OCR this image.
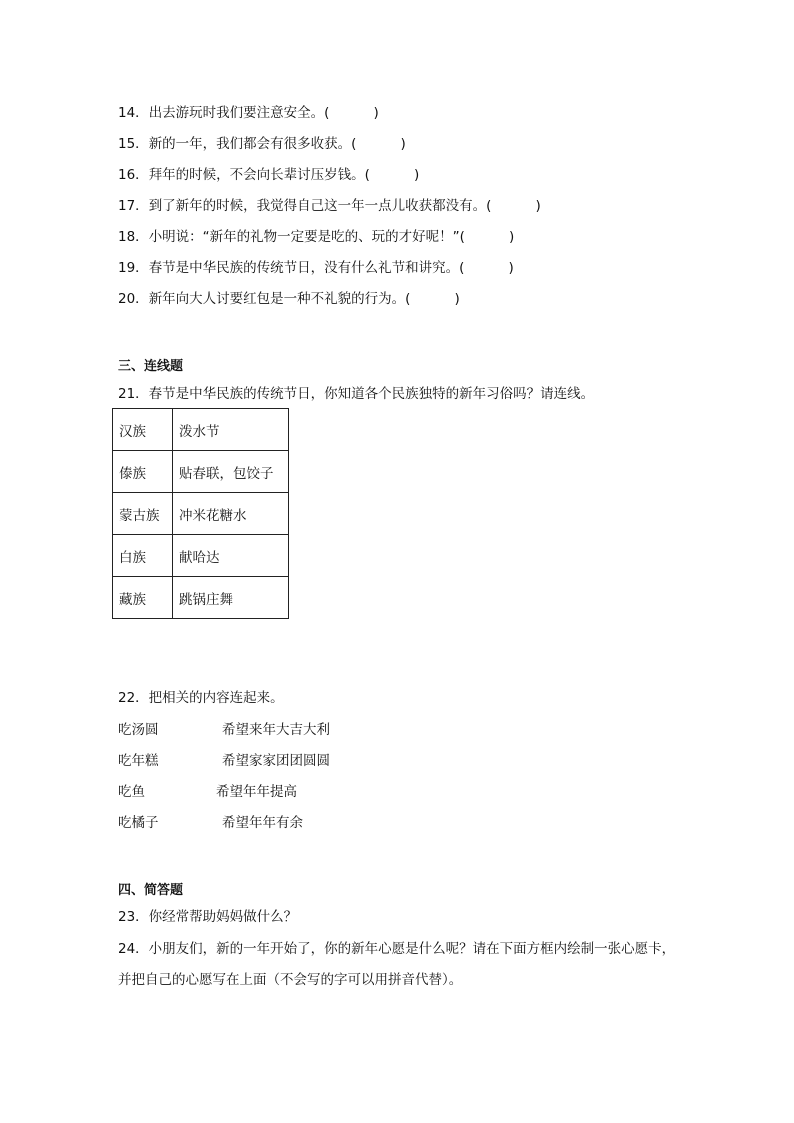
14．出去游玩时我们要注意安全。(	)
15．新的一年，我们都会有很多收获。(	)
16．拜年的时候，不会向长辈讨压岁钱。(	)
17．到了新年的时候，我觉得自己这一年一点儿收获都没有。(	)
18．小明说：“新年的礼物一定要是吃的、玩的才好呢！”(	)
19．春节是中华民族的传统节日，没有什么礼节和讲究。(	)
20．新年向大人讨要红包是一种不礼貌的行为。(	)
三、连线题
21．春节是中华民族的传统节日，你知道各个民族独特的新年习俗吗？请连线。
汉族	泼水节
傣族	贴春联，包饺子
蒙古族	冲米花糖水
白族	献哈达
藏族	跳锅庄舞
22．把相关的内容连起来。
吃汤圆	希望来年大吉大利
吃年糕	希望家家团团圆圆
吃鱼	希望年年提高
吃橘子	希望年年有余
四、简答题
23．你经常帮助妈妈做什么？
24．小朋友们，新的一年开始了，你的新年心愿是什么呢？请在下面方框内绘制一张心愿卡，
并把自己的心愿写在上面（不会写的字可以用拼音代替）。
